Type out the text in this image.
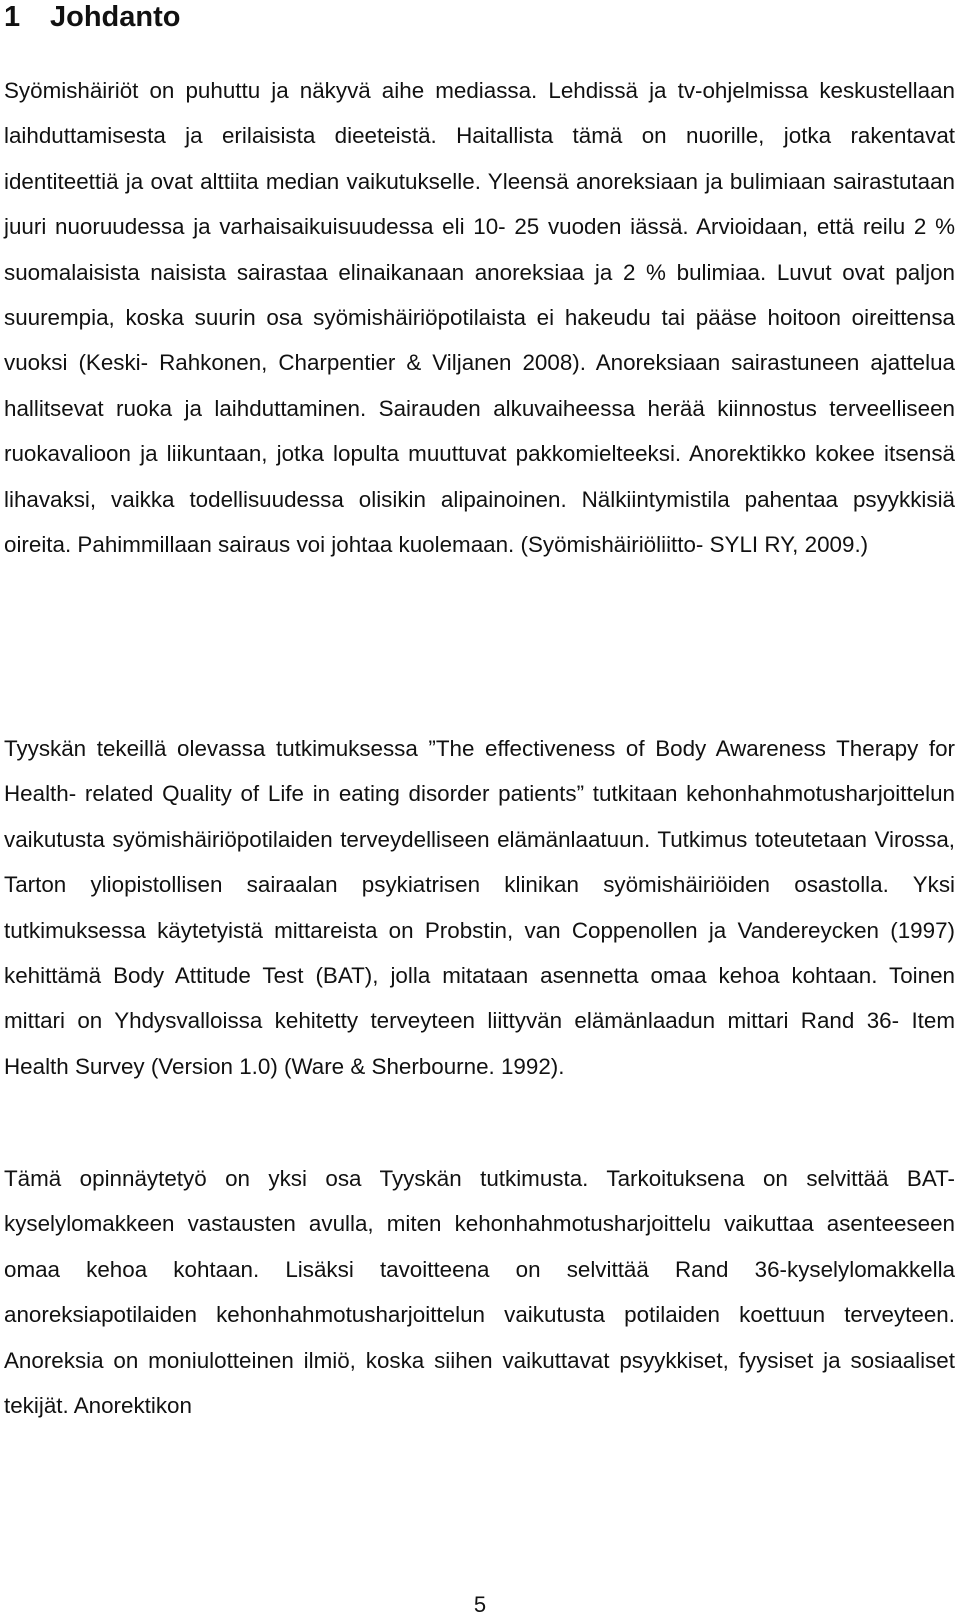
1 Johdanto

Syömishäiriöt on puhuttu ja näkyvä aihe mediassa. Lehdissä ja tv-ohjelmissa keskustellaan laihduttamisesta ja erilaisista dieeteistä. Haitallista tämä on nuorille, jotka rakentavat identiteettiä ja ovat alttiita median vaikutukselle. Yleensä anoreksiaan ja bulimiaan sairastutaan juuri nuoruudessa ja varhaisaikuisuudessa eli 10- 25 vuoden iässä. Arvioidaan, että reilu 2 % suomalaisista naisista sairastaa elinaikanaan anoreksiaa ja 2 % bulimiaa. Luvut ovat paljon suurempia, koska suurin osa syömishäiriöpotilaista ei hakeudu tai pääse hoitoon oireittensa vuoksi (Keski- Rahkonen, Charpentier & Viljanen 2008). Anoreksiaan sairastuneen ajattelua hallitsevat ruoka ja laihduttaminen. Sairauden alkuvaiheessa herää kiinnostus terveelliseen ruokavalioon ja liikuntaan, jotka lopulta muuttuvat pakkomielteeksi. Anorektikko kokee itsensä lihavaksi, vaikka todellisuudessa olisikin alipainoinen. Nälkiintymistila pahentaa psyykkisiä oireita. Pahimmillaan sairaus voi johtaa kuolemaan. (Syömishäiriöliitto- SYLI RY, 2009.)

Tyyskän tekeillä olevassa tutkimuksessa ”The effectiveness of Body Awareness Therapy for Health- related Quality of Life in eating disorder patients” tutkitaan kehonhahmotusharjoittelun vaikutusta syömishäiriöpotilaiden terveydelliseen elämänlaatuun. Tutkimus toteutetaan Virossa, Tarton yliopistollisen sairaalan psykiatrisen klinikan syömishäiriöiden osastolla. Yksi tutkimuksessa käytetyistä mittareista on Probstin, van Coppenollen ja Vandereycken (1997) kehittämä Body Attitude Test (BAT), jolla mitataan asennetta omaa kehoa kohtaan. Toinen mittari on Yhdysvalloissa kehitetty terveyteen liittyvän elämänlaadun mittari Rand 36- Item Health Survey (Version 1.0) (Ware & Sherbourne. 1992).

Tämä opinnäytetyö on yksi osa Tyyskän tutkimusta. Tarkoituksena on selvittää BAT-kyselylomakkeen vastausten avulla, miten kehonhahmotusharjoittelu vaikuttaa asenteeseen omaa kehoa kohtaan. Lisäksi tavoitteena on selvittää Rand 36-kyselylomakkella anoreksiapotilaiden kehonhahmotusharjoittelun vaikutusta potilaiden koettuun terveyteen. Anoreksia on moniulotteinen ilmiö, koska siihen vaikuttavat psyykkiset, fyysiset ja sosiaaliset tekijät. Anorektikon

5
